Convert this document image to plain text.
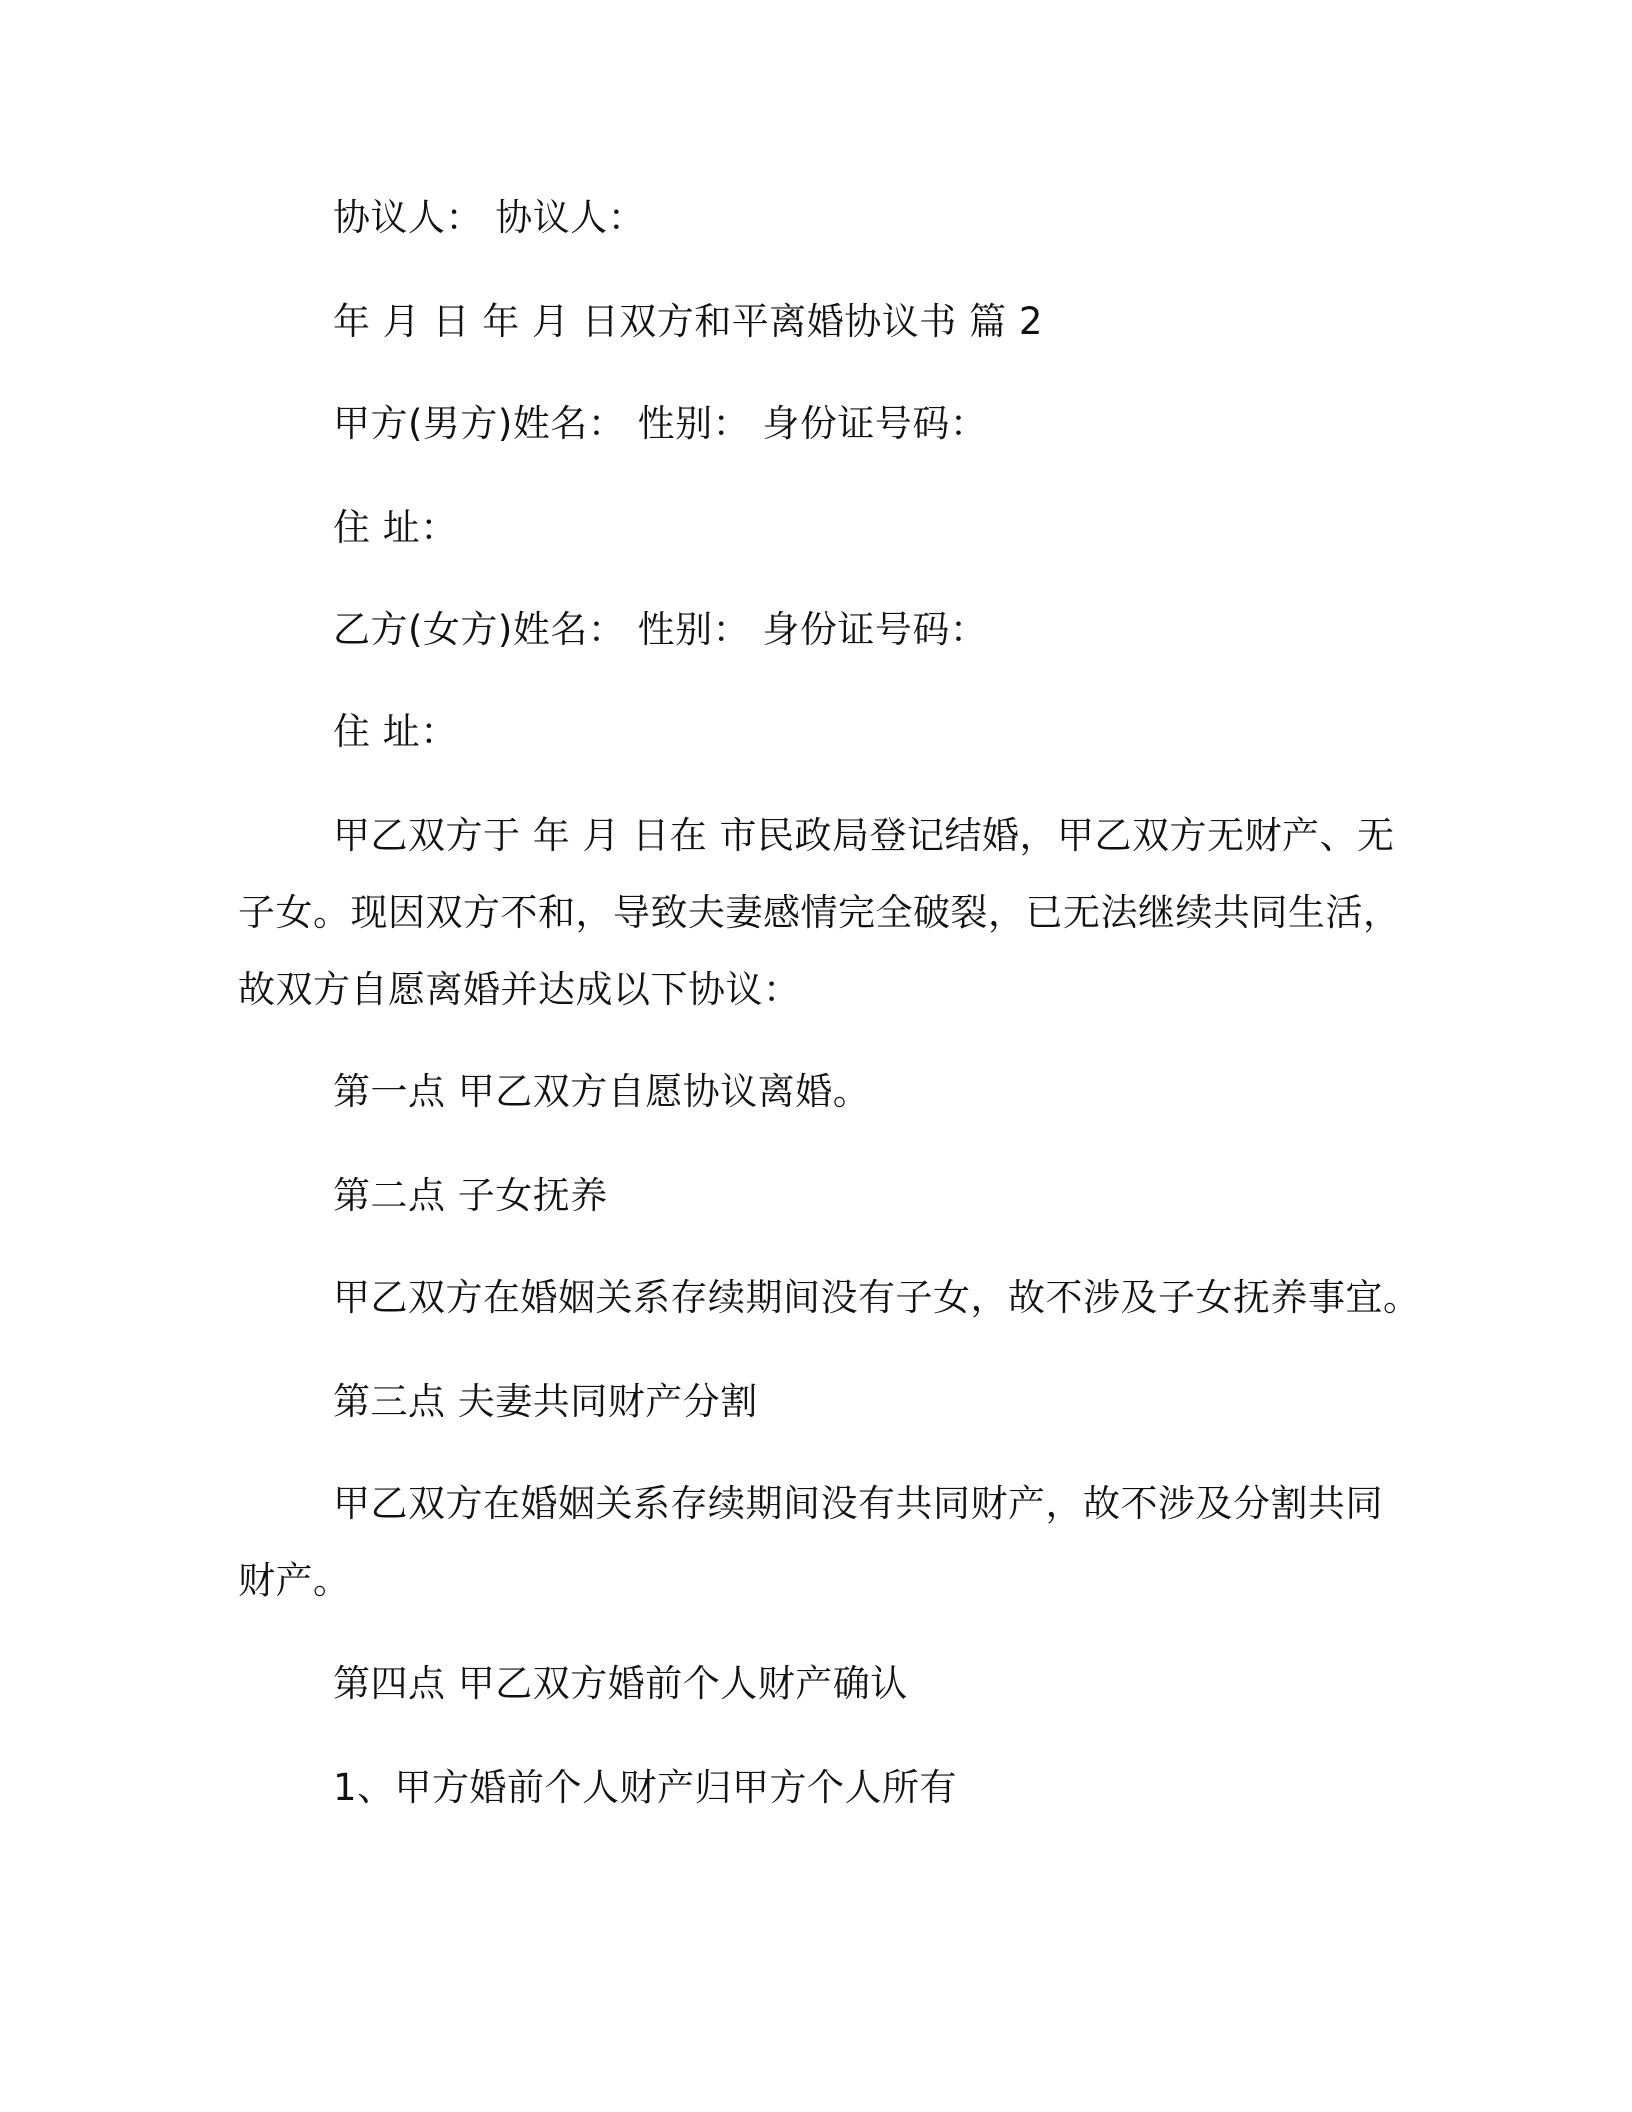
协议人： 协议人：

年 月 日 年 月 日双方和平离婚协议书 篇 2

甲方(男方)姓名： 性别： 身份证号码：

住 址：

乙方(女方)姓名： 性别： 身份证号码：

住 址：

甲乙双方于 年 月 日在 市民政局登记结婚，甲乙双方无财产、无

子女。现因双方不和，导致夫妻感情完全破裂，已无法继续共同生活，

故双方自愿离婚并达成以下协议：

第一点 甲乙双方自愿协议离婚。

第二点 子女抚养

甲乙双方在婚姻关系存续期间没有子女，故不涉及子女抚养事宜。

第三点 夫妻共同财产分割

甲乙双方在婚姻关系存续期间没有共同财产，故不涉及分割共同

财产。

第四点 甲乙双方婚前个人财产确认

1、甲方婚前个人财产归甲方个人所有
